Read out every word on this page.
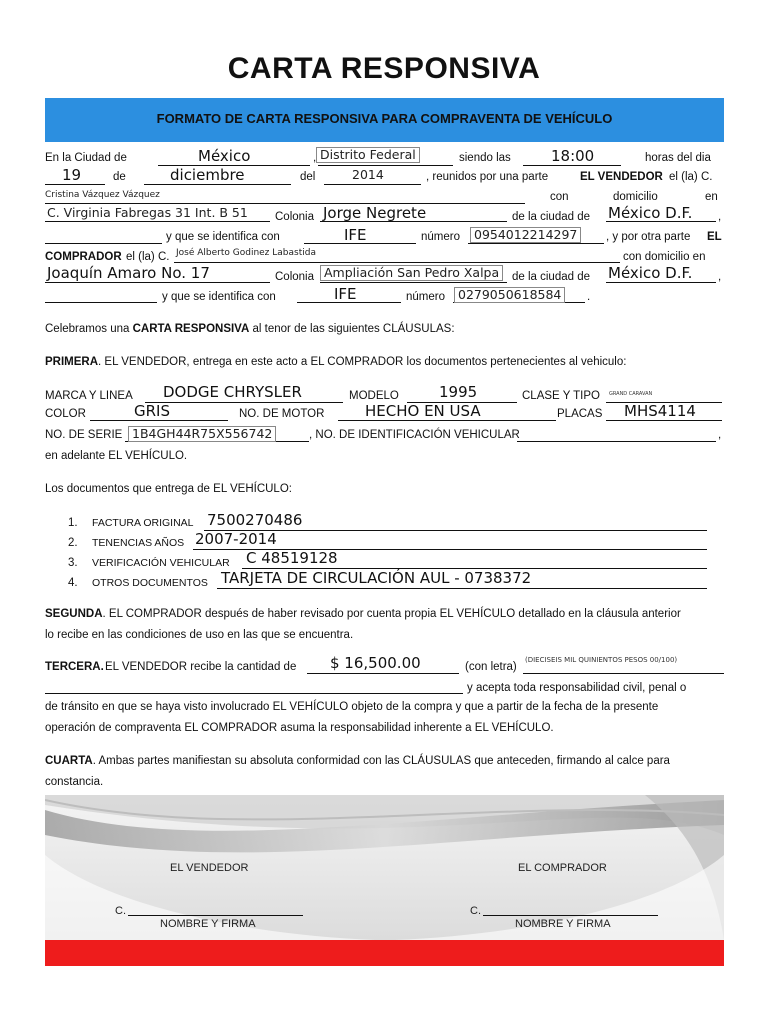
CARTA RESPONSIVA
FORMATO DE CARTA RESPONSIVA PARA COMPRAVENTA DE VEHÍCULO
En la Ciudad de	México	, Distrito Federal	siendo las	18:00	horas del dia
19	de	diciembre	del	2014	, reunidos por una parte	EL VENDEDOR el (la) C.
Cristina Vázquez Vázquez	con	domicilio	en
C. Virginia Fabregas 31 Int. B 51 Colonia Jorge Negrete	de la ciudad de México D.F. ,
y que se identifica con	IFE	número	0954012214297	, y por otra parte EL
COMPRADOR el (la) C. José Alberto Godinez Labastida	con domicilio en
Joaquín Amaro No. 17	Colonia Ampliación San Pedro Xalpa	de la ciudad de México D.F. ,
y que se identifica con	IFE	número	0279050618584	.
Celebramos una CARTA RESPONSIVA al tenor de las siguientes CLÁUSULAS:
PRIMERA. EL VENDEDOR, entrega en este acto a EL COMPRADOR los documentos pertenecientes al vehiculo:
MARCA Y LINEA DODGE CHRYSLER	MODELO	1995	CLASE Y TIPO GRAND CARAVAN
COLOR	GRIS	NO. DE MOTOR	HECHO EN USA	PLACAS MHS4114
NO. DE SERIE 1B4GH44R75X556742	, NO. DE IDENTIFICACIÓN VEHICULAR	,
en adelante EL VEHÍCULO.
Los documentos que entrega de EL VEHÍCULO:
1. FACTURA ORIGINAL 7500270486
2. TENENCIAS AÑOS 2007-2014
3. VERIFICACIÓN VEHICULAR C 48519128
4. OTROS DOCUMENTOS TARJETA DE CIRCULACIÓN AUL - 0738372
SEGUNDA. EL COMPRADOR después de haber revisado por cuenta propia EL VEHÍCULO detallado en la cláusula anterior
lo recibe en las condiciones de uso en las que se encuentra.
TERCERA. EL VENDEDOR recibe la cantidad de $ 16,500.00	(con letra)
(DIECISEIS MIL QUINIENTOS PESOS 00/100)
y acepta toda responsabilidad civil, penal o
de tránsito en que se haya visto involucrado EL VEHÍCULO objeto de la compra y que a partir de la fecha de la presente
operación de compraventa EL COMPRADOR asuma la responsabilidad inherente a EL VEHÍCULO.
CUARTA. Ambas partes manifiestan su absoluta conformidad con las CLÁUSULAS que anteceden, firmando al calce para
constancia.
EL VENDEDOR	EL COMPRADOR
C.
NOMBRE Y FIRMA
C.
NOMBRE Y FIRMA
